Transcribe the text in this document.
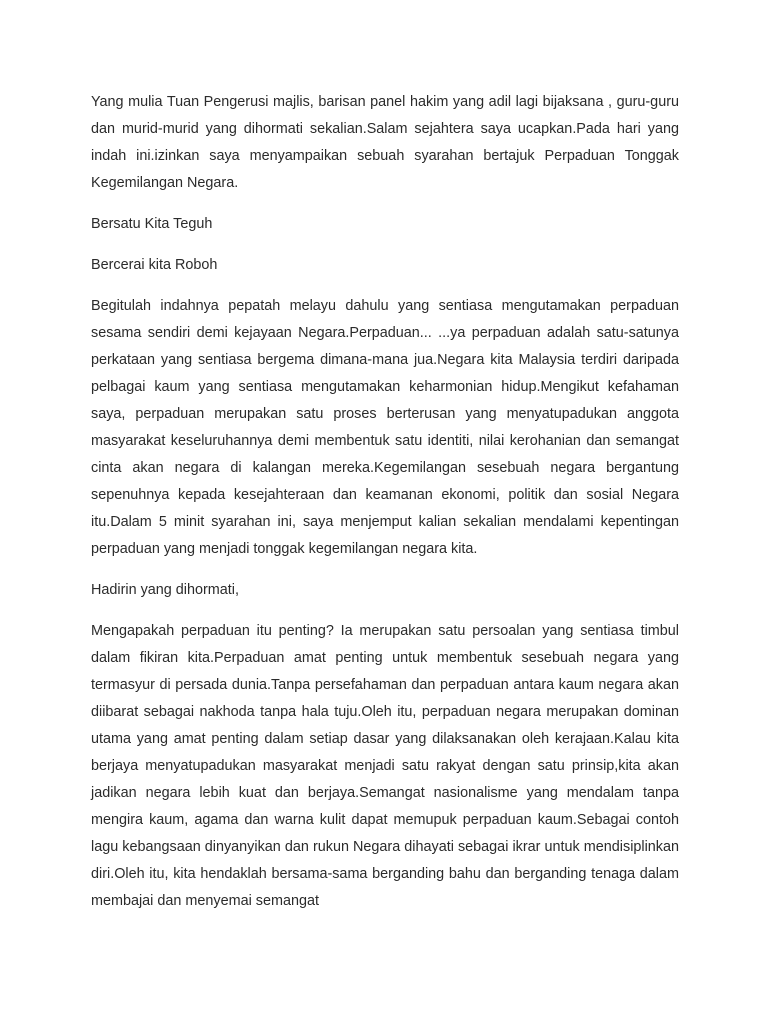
Yang mulia Tuan Pengerusi majlis, barisan panel hakim yang adil lagi bijaksana , guru-guru dan murid-murid yang dihormati sekalian.Salam sejahtera saya ucapkan.Pada hari yang indah ini.izinkan saya menyampaikan sebuah syarahan bertajuk Perpaduan Tonggak Kegemilangan Negara.

Bersatu Kita Teguh

Bercerai kita Roboh

Begitulah indahnya pepatah melayu dahulu yang sentiasa mengutamakan perpaduan sesama sendiri demi kejayaan Negara.Perpaduan... ...ya perpaduan adalah satu-satunya perkataan yang sentiasa bergema dimana-mana jua.Negara kita Malaysia terdiri daripada pelbagai kaum yang sentiasa mengutamakan keharmonian hidup.Mengikut kefahaman saya, perpaduan merupakan satu proses berterusan yang menyatupadukan anggota masyarakat keseluruhannya demi membentuk satu identiti, nilai kerohanian dan semangat cinta akan negara di kalangan mereka.Kegemilangan sesebuah negara bergantung sepenuhnya kepada kesejahteraan dan keamanan ekonomi, politik dan sosial Negara itu.Dalam 5 minit syarahan ini, saya menjemput kalian sekalian mendalami kepentingan perpaduan yang menjadi tonggak kegemilangan negara kita.

Hadirin yang dihormati,

Mengapakah perpaduan itu penting? Ia merupakan satu persoalan yang sentiasa timbul dalam fikiran kita.Perpaduan amat penting untuk membentuk sesebuah negara yang termasyur di persada dunia.Tanpa persefahaman dan perpaduan antara kaum negara akan diibarat sebagai nakhoda tanpa hala tuju.Oleh itu, perpaduan negara merupakan dominan utama yang amat penting dalam setiap dasar yang dilaksanakan oleh kerajaan.Kalau kita berjaya menyatupadukan masyarakat menjadi satu rakyat dengan satu prinsip,kita akan jadikan negara lebih kuat dan berjaya.Semangat nasionalisme yang mendalam tanpa mengira kaum, agama dan warna kulit dapat memupuk perpaduan kaum.Sebagai contoh lagu kebangsaan dinyanyikan dan rukun Negara dihayati sebagai ikrar untuk mendisiplinkan diri.Oleh itu, kita hendaklah bersama-sama berganding bahu dan berganding tenaga dalam membajai dan menyemai semangat
